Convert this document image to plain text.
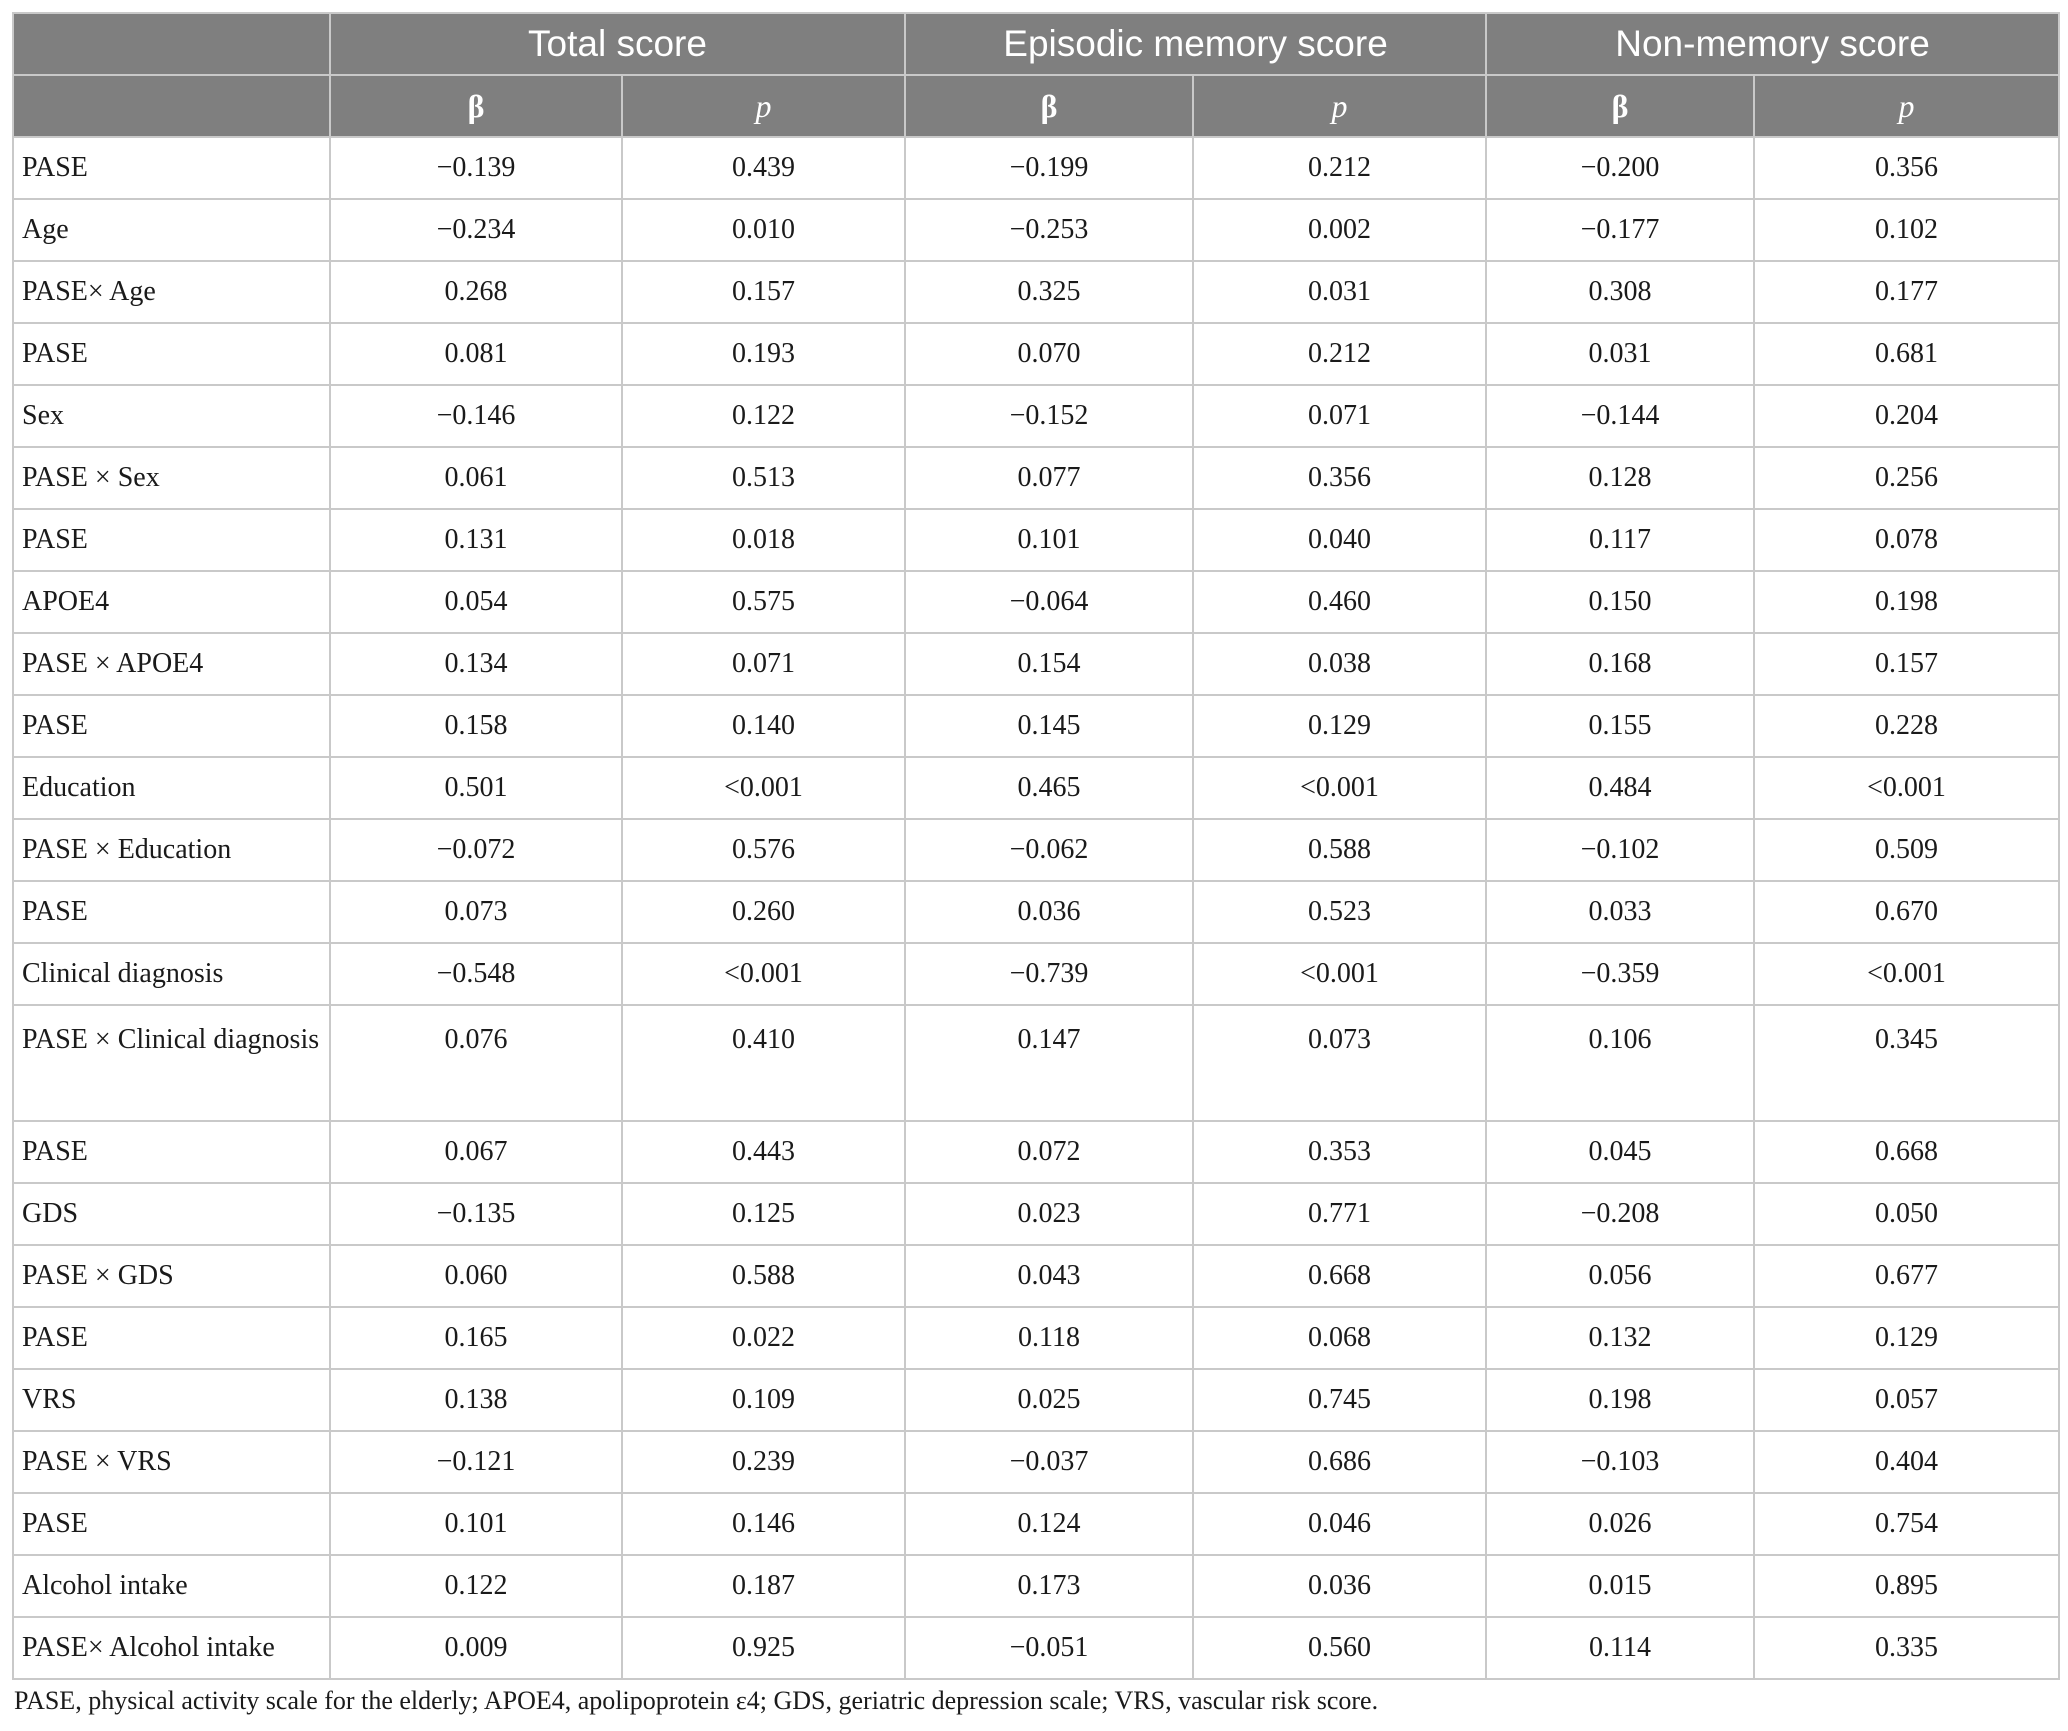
	Total score		Episodic memory score		Non-memory score	
	β	p	β	p	β	p
PASE	−0.139	0.439	−0.199	0.212	−0.200	0.356
Age	−0.234	0.010	−0.253	0.002	−0.177	0.102
PASE× Age	0.268	0.157	0.325	0.031	0.308	0.177
PASE	0.081	0.193	0.070	0.212	0.031	0.681
Sex	−0.146	0.122	−0.152	0.071	−0.144	0.204
PASE × Sex	0.061	0.513	0.077	0.356	0.128	0.256
PASE	0.131	0.018	0.101	0.040	0.117	0.078
APOE4	0.054	0.575	−0.064	0.460	0.150	0.198
PASE × APOE4	0.134	0.071	0.154	0.038	0.168	0.157
PASE	0.158	0.140	0.145	0.129	0.155	0.228
Education	0.501	<0.001	0.465	<0.001	0.484	<0.001
PASE × Education	−0.072	0.576	−0.062	0.588	−0.102	0.509
PASE	0.073	0.260	0.036	0.523	0.033	0.670
Clinical diagnosis	−0.548	<0.001	−0.739	<0.001	−0.359	<0.001
PASE × Clinical diagnosis	0.076	0.410	0.147	0.073	0.106	0.345
PASE	0.067	0.443	0.072	0.353	0.045	0.668
GDS	−0.135	0.125	0.023	0.771	−0.208	0.050
PASE × GDS	0.060	0.588	0.043	0.668	0.056	0.677
PASE	0.165	0.022	0.118	0.068	0.132	0.129
VRS	0.138	0.109	0.025	0.745	0.198	0.057
PASE × VRS	−0.121	0.239	−0.037	0.686	−0.103	0.404
PASE	0.101	0.146	0.124	0.046	0.026	0.754
Alcohol intake	0.122	0.187	0.173	0.036	0.015	0.895
PASE× Alcohol intake	0.009	0.925	−0.051	0.560	0.114	0.335
PASE, physical activity scale for the elderly; APOE4, apolipoprotein ε4; GDS, geriatric depression scale; VRS, vascular risk score.
